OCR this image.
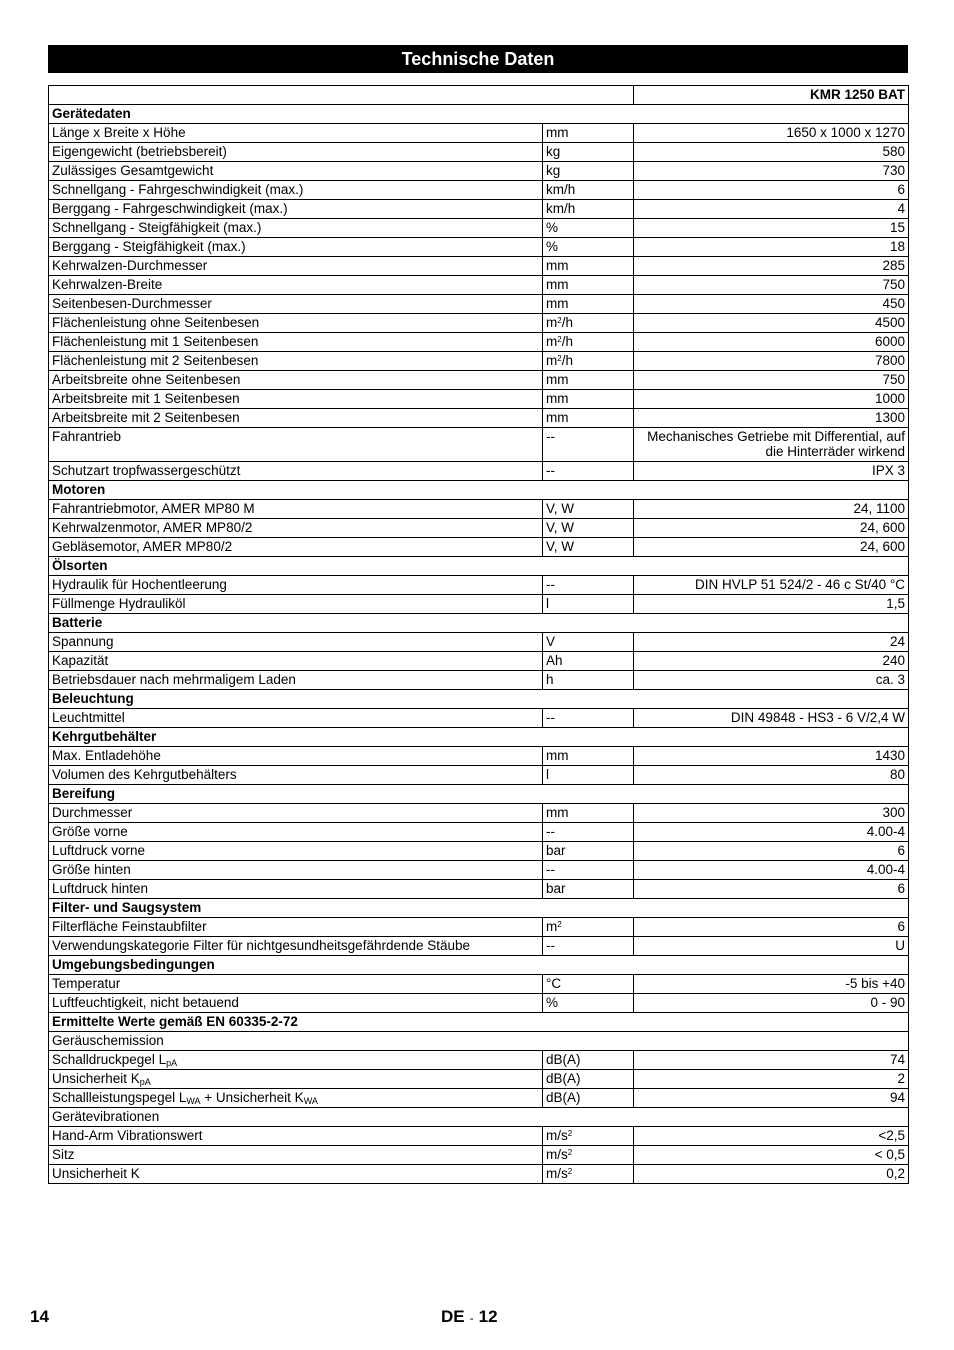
Technische Daten
		KMR 1250 BAT
Gerätedaten		
Länge x Breite x Höhe	mm	1650 x 1000 x 1270
Eigengewicht (betriebsbereit)	kg	580
Zulässiges Gesamtgewicht	kg	730
Schnellgang - Fahrgeschwindigkeit (max.)	km/h	6
Berggang - Fahrgeschwindigkeit (max.)	km/h	4
Schnellgang - Steigfähigkeit (max.)	%	15
Berggang - Steigfähigkeit (max.)	%	18
Kehrwalzen-Durchmesser	mm	285
Kehrwalzen-Breite	mm	750
Seitenbesen-Durchmesser	mm	450
Flächenleistung ohne Seitenbesen	$m^2/h$	4500
Flächenleistung mit 1 Seitenbesen	$m^2/h$	6000
Flächenleistung mit 2 Seitenbesen	$m^2/h$	7800
Arbeitsbreite ohne Seitenbesen	mm	750
Arbeitsbreite mit 1 Seitenbesen	mm	1000
Arbeitsbreite mit 2 Seitenbesen	mm	1300
Fahrantrieb	--	Mechanisches Getriebe mit Differential, auf die Hinterräder wirkend
Schutzart tropfwassergeschützt	--	IPX 3
Motoren		
Fahrantriebmotor, AMER MP80 M	V, W	24, 1100
Kehrwalzenmotor, AMER MP80/2	V, W	24, 600
Gebläsemotor, AMER MP80/2	V, W	24, 600
Ölsorten		
Hydraulik für Hochentleerung	--	DIN HVLP 51 524/2 - 46 c St/40 °C
Füllmenge Hydrauliköl	l	1,5
Batterie		
Spannung	V	24
Kapazität	Ah	240
Betriebsdauer nach mehrmaligem Laden	h	ca. 3
Beleuchtung		
Leuchtmittel	--	DIN 49848 - HS3 - 6 V/2,4 W
Kehrgutbehälter		
Max. Entladehöhe	mm	1430
Volumen des Kehrgutbehälters	l	80
Bereifung		
Durchmesser	mm	300
Größe vorne	--	4.00-4
Luftdruck vorne	bar	6
Größe hinten	--	4.00-4
Luftdruck hinten	bar	6
Filter- und Saugsystem		
Filterfläche Feinstaubfilter	$m^2$	6
Verwendungskategorie Filter für nichtgesundheitsgefährdende Stäube	--	U
Umgebungsbedingungen		
Temperatur	°C	-5 bis +40
Luftfeuchtigkeit, nicht betauend	%	0 - 90
Ermittelte Werte gemäß EN 60335-2-72		
Geräuschemission		
Schalldruckpegel $L_{pA}$	dB(A)	74
Unsicherheit $K_{pA}$	dB(A)	2
Schallleistungspegel $L_{WA}$ + Unsicherheit $K_{WA}$	dB(A)	94
Gerätevibrationen		
Hand-Arm Vibrationswert	$m/s^2$	<2,5
Sitz	$m/s^2$	< 0,5
Unsicherheit K	$m/s^2$	0,2
14	DE - 12
